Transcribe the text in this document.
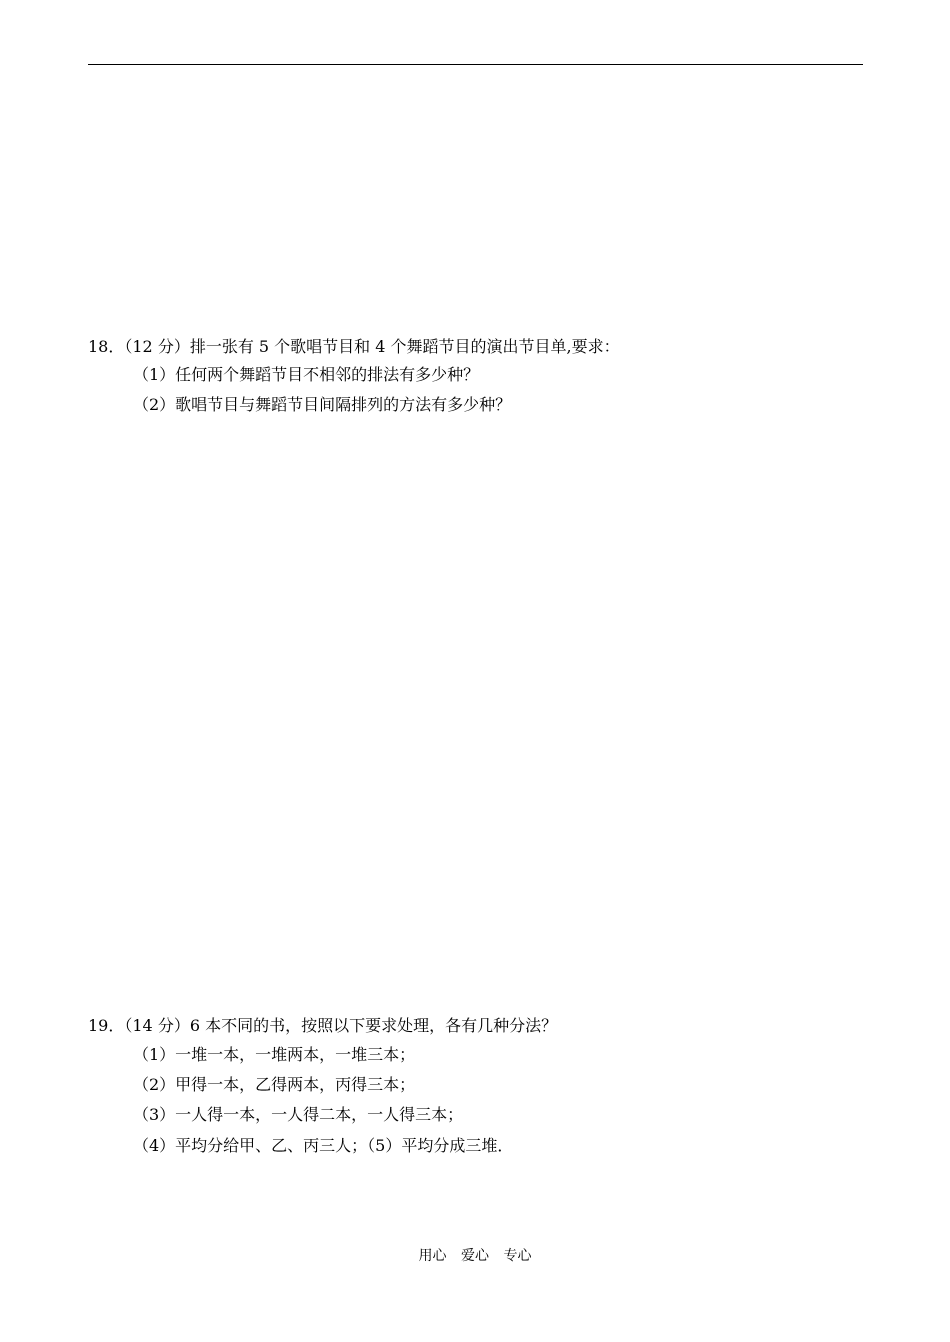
18．（12 分）排一张有 5 个歌唱节目和 4 个舞蹈节目的演出节目单,要求：
（1）任何两个舞蹈节目不相邻的排法有多少种？
（2）歌唱节目与舞蹈节目间隔排列的方法有多少种？
19．（14 分）6 本不同的书，按照以下要求处理，各有几种分法？
（1）一堆一本，一堆两本，一堆三本；
（2）甲得一本，乙得两本，丙得三本；
（3）一人得一本，一人得二本，一人得三本；
（4）平均分给甲、乙、丙三人；（5）平均分成三堆．
用心 爱心 专心
